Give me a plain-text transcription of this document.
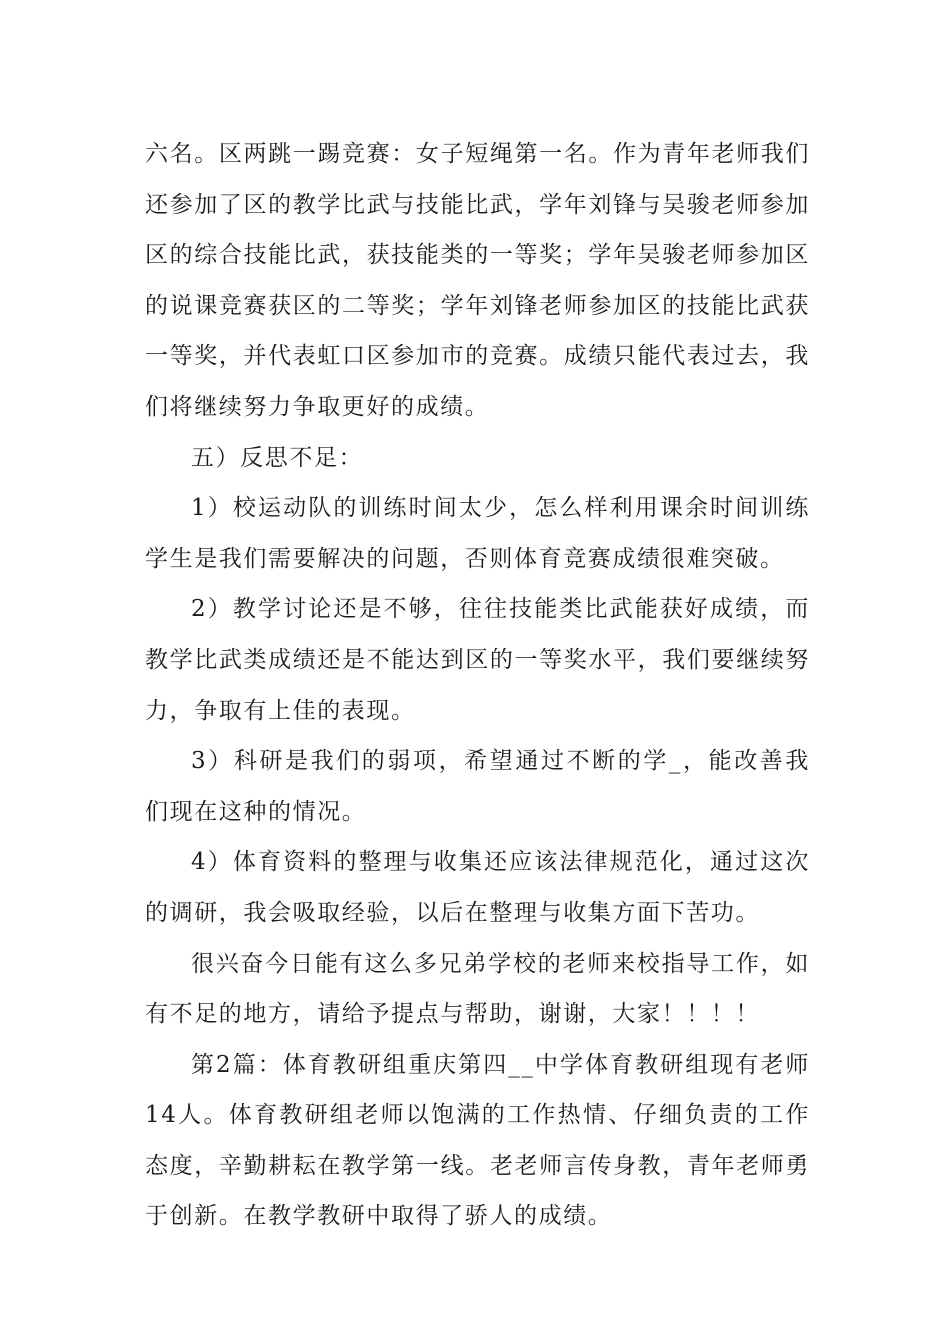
六名。区两跳一踢竞赛：女子短绳第一名。作为青年老师我们还参加了区的教学比武与技能比武，学年刘锋与吴骏老师参加区的综合技能比武，获技能类的一等奖；学年吴骏老师参加区的说课竞赛获区的二等奖；学年刘锋老师参加区的技能比武获一等奖，并代表虹口区参加市的竞赛。成绩只能代表过去，我们将继续努力争取更好的成绩。

五）反思不足：

1）校运动队的训练时间太少，怎么样利用课余时间训练学生是我们需要解决的问题，否则体育竞赛成绩很难突破。

2）教学讨论还是不够，往往技能类比武能获好成绩，而教学比武类成绩还是不能达到区的一等奖水平，我们要继续努力，争取有上佳的表现。

3）科研是我们的弱项，希望通过不断的学_，能改善我们现在这种的情况。

4）体育资料的整理与收集还应该法律规范化，通过这次的调研，我会吸取经验，以后在整理与收集方面下苦功。

很兴奋今日能有这么多兄弟学校的老师来校指导工作，如有不足的地方，请给予提点与帮助，谢谢，大家！！！！

第2篇：体育教研组重庆第四__中学体育教研组现有老师14人。体育教研组老师以饱满的工作热情、仔细负责的工作态度，辛勤耕耘在教学第一线。老老师言传身教，青年老师勇于创新。在教学教研中取得了骄人的成绩。
